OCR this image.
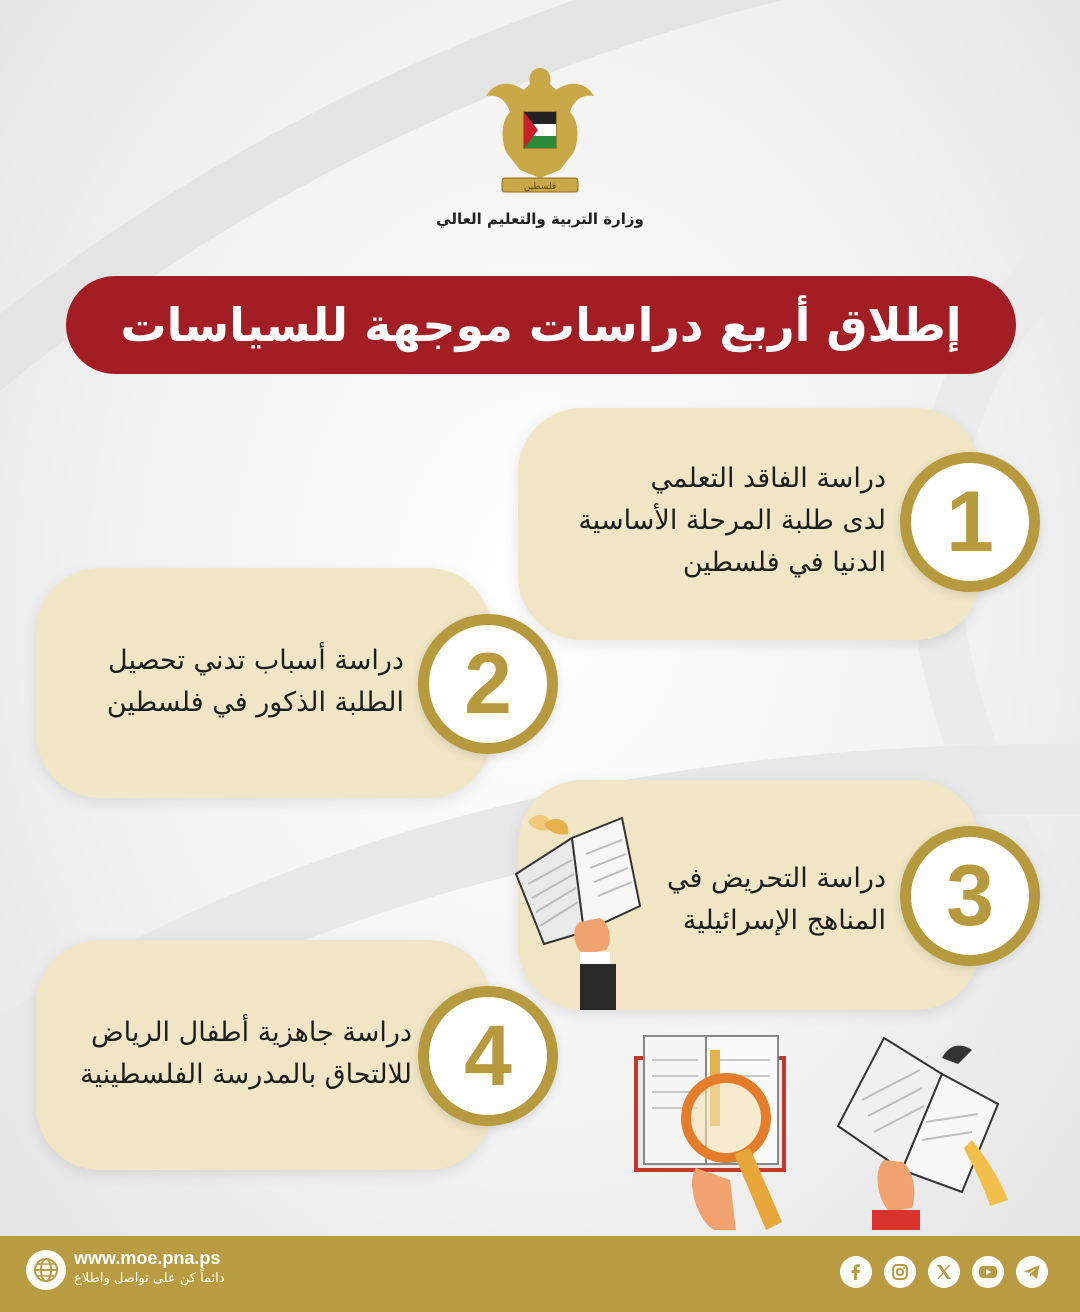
فلسطين
وزارة التربية والتعليم العالي
إطلاق أربع دراسات موجهة للسياسات
دراسة الفاقد التعلمي
لدى طلبة المرحلة الأساسية
الدنيا في فلسطين 1
دراسة أسباب تدني تحصيل
الطلبة الذكور في فلسطين 2
دراسة التحريض في
المناهج الإسرائيلية 3
دراسة جاهزية أطفال الرياض
للالتحاق بالمدرسة الفلسطينية 4
www.moe.pna.ps
دائماً كن على تواصل واطلاع
